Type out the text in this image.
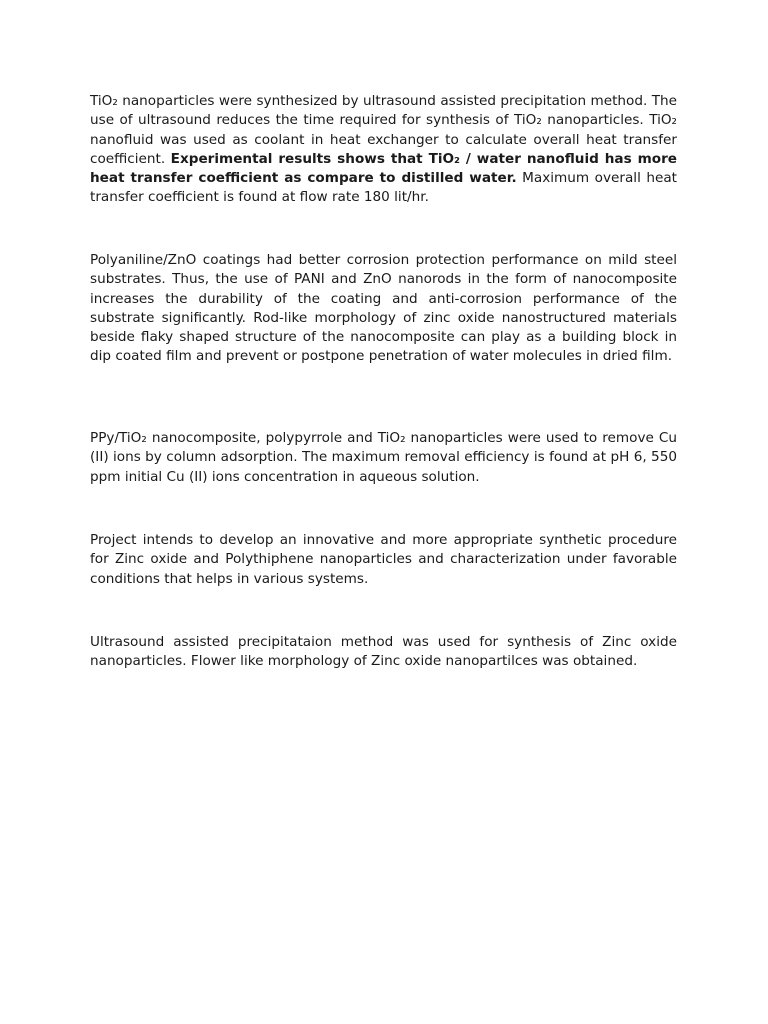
TiO₂ nanoparticles were synthesized by ultrasound assisted precipitation method. The use of ultrasound reduces the time required for synthesis of TiO₂ nanoparticles. TiO₂ nanofluid was used as coolant in heat exchanger to calculate overall heat transfer coefficient. Experimental results shows that TiO₂ / water nanofluid has more heat transfer coefficient as compare to distilled water. Maximum overall heat transfer coefficient is found at flow rate 180 lit/hr.

Polyaniline/ZnO coatings had better corrosion protection performance on mild steel substrates. Thus, the use of PANI and ZnO nanorods in the form of nanocomposite increases the durability of the coating and anti-corrosion performance of the substrate significantly. Rod-like morphology of zinc oxide nanostructured materials beside flaky shaped structure of the nanocomposite can play as a building block in dip coated film and prevent or postpone penetration of water molecules in dried film.

PPy/TiO₂ nanocomposite, polypyrrole and TiO₂ nanoparticles were used to remove Cu (II) ions by column adsorption. The maximum removal efficiency is found at pH 6, 550 ppm initial Cu (II) ions concentration in aqueous solution.

Project intends to develop an innovative and more appropriate synthetic procedure for Zinc oxide and Polythiphene nanoparticles and characterization under favorable conditions that helps in various systems.

Ultrasound assisted precipitataion method was used for synthesis of Zinc oxide nanoparticles. Flower like morphology of Zinc oxide nanopartilces was obtained.
